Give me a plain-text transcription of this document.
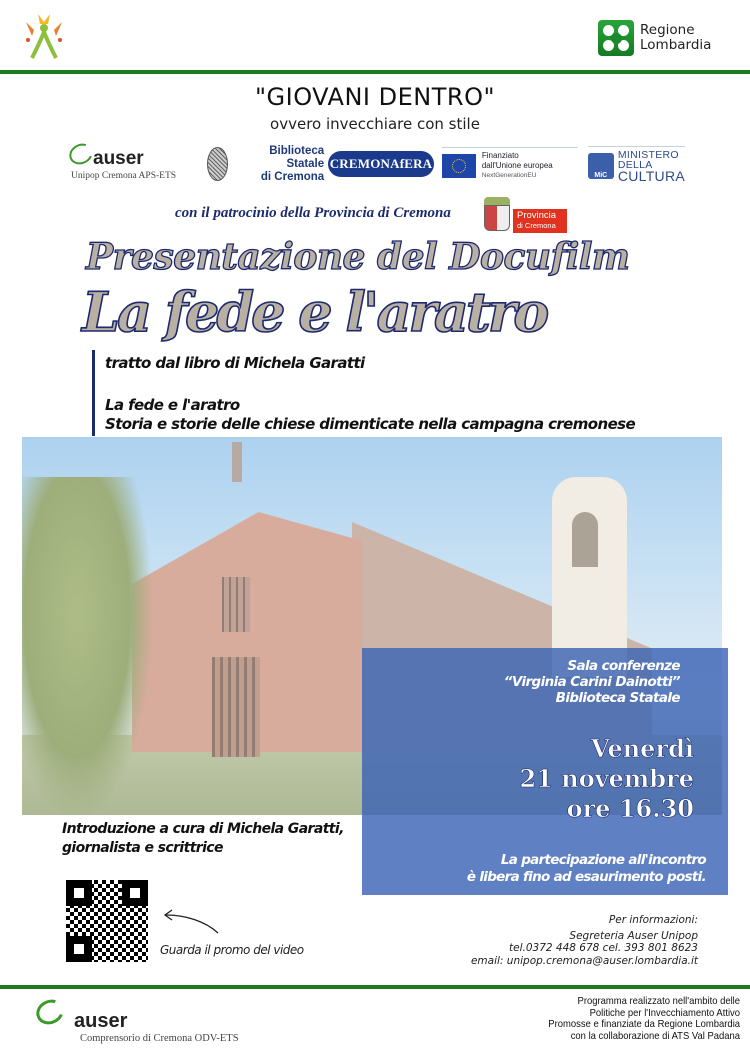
Regione
Lombardia
"GIOVANI DENTRO"
ovvero invecchiare con stile
auser
Unipop Cremona APS-ETS
Biblioteca Statale
di Cremona
CREMONAfERA
Finanziato
dall'Unione europea
NextGenerationEU	MiC
MINISTERO
DELLA
CULTURA
con il patrocinio della Provincia di Cremona	Provincia
di Cremona
Presentazione del Docufilm
La fede e l'aratro
tratto dal libro di Michela Garatti
La fede e l'aratro
Storia e storie delle chiese dimenticate nella campagna cremonese
Sala conferenze
“Virginia Carini Dainotti”
Biblioteca Statale
Venerdì
21 novembre
ore 16.30
La partecipazione all'incontro
è libera fino ad esaurimento posti.
Introduzione a cura di Michela Garatti,
giornalista e scrittrice
Guarda il promo del video
Per informazioni:
Segreteria Auser Unipop
tel.0372 448 678 cel. 393 801 8623
email: unipop.cremona@auser.lombardia.it
auser
Comprensorio di Cremona ODV-ETS
Programma realizzato nell'ambito delle
Politiche per l'Invecchiamento Attivo
Promosse e finanziate da Regione Lombardia
con la collaborazione di ATS Val Padana
